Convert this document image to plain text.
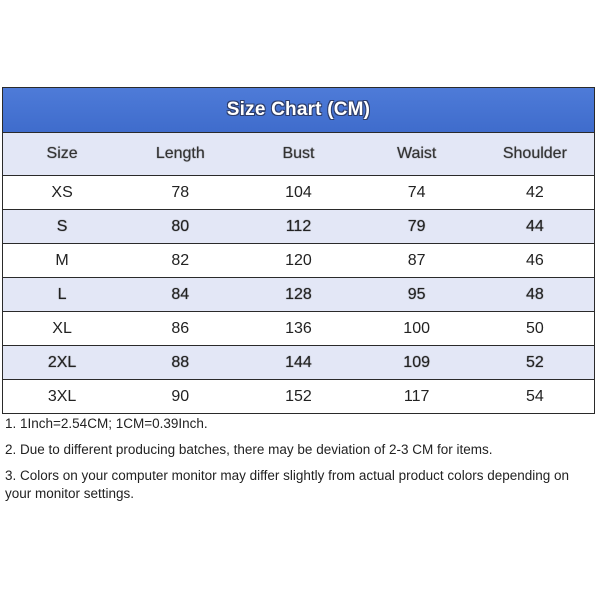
Size Chart (CM)
Size	Length	Bust	Waist	Shoulder
XS	78	104	74	42
S	80	112	79	44
M	82	120	87	46
L	84	128	95	48
XL	86	136	100	50
2XL	88	144	109	52
3XL	90	152	117	54

1. 1Inch=2.54CM; 1CM=0.39Inch.

2. Due to different producing batches, there may be deviation of 2-3 CM for items.

3. Colors on your computer monitor may differ slightly from actual product colors depending on your monitor settings.
